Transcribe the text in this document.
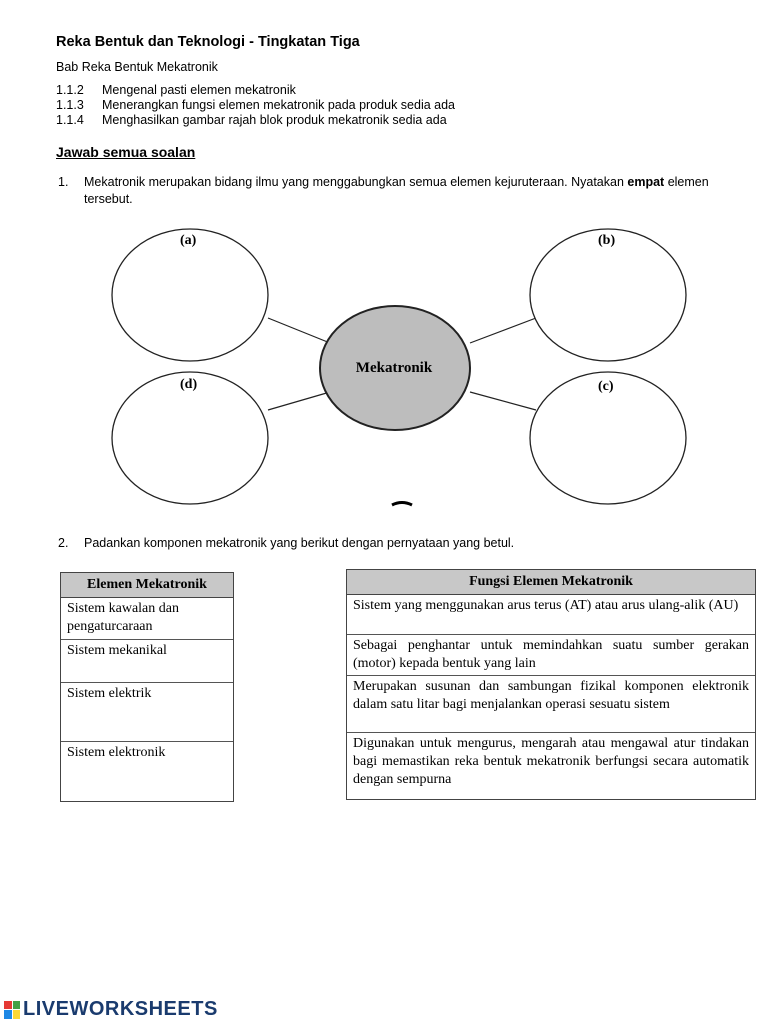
Reka Bentuk dan Teknologi - Tingkatan Tiga
Bab Reka Bentuk Mekatronik
1.1.2 Mengenal pasti elemen mekatronik
1.1.3 Menerangkan fungsi elemen mekatronik pada produk sedia ada
1.1.4 Menghasilkan gambar rajah blok produk mekatronik sedia ada
Jawab semua soalan
1. Mekatronik merupakan bidang ilmu yang menggabungkan semua elemen kejuruteraan. Nyatakan empat elemen tersebut.
Mekatronik
(a)	(b)
(d)	(c)
2. Padankan komponen mekatronik yang berikut dengan pernyataan yang betul.
Elemen Mekatronik
Sistem kawalan dan pengaturcaraan
Sistem mekanikal
Sistem elektrik
Sistem elektronik
Fungsi Elemen Mekatronik
Sistem yang menggunakan arus terus (AT) atau arus ulang-alik (AU)
Sebagai penghantar untuk memindahkan suatu sumber gerakan (motor) kepada bentuk yang lain
Merupakan susunan dan sambungan fizikal komponen elektronik dalam satu litar bagi menjalankan operasi sesuatu sistem
Digunakan untuk mengurus, mengarah atau mengawal atur tindakan bagi memastikan reka bentuk mekatronik berfungsi secara automatik dengan sempurna
LIVEWORKSHEETS
